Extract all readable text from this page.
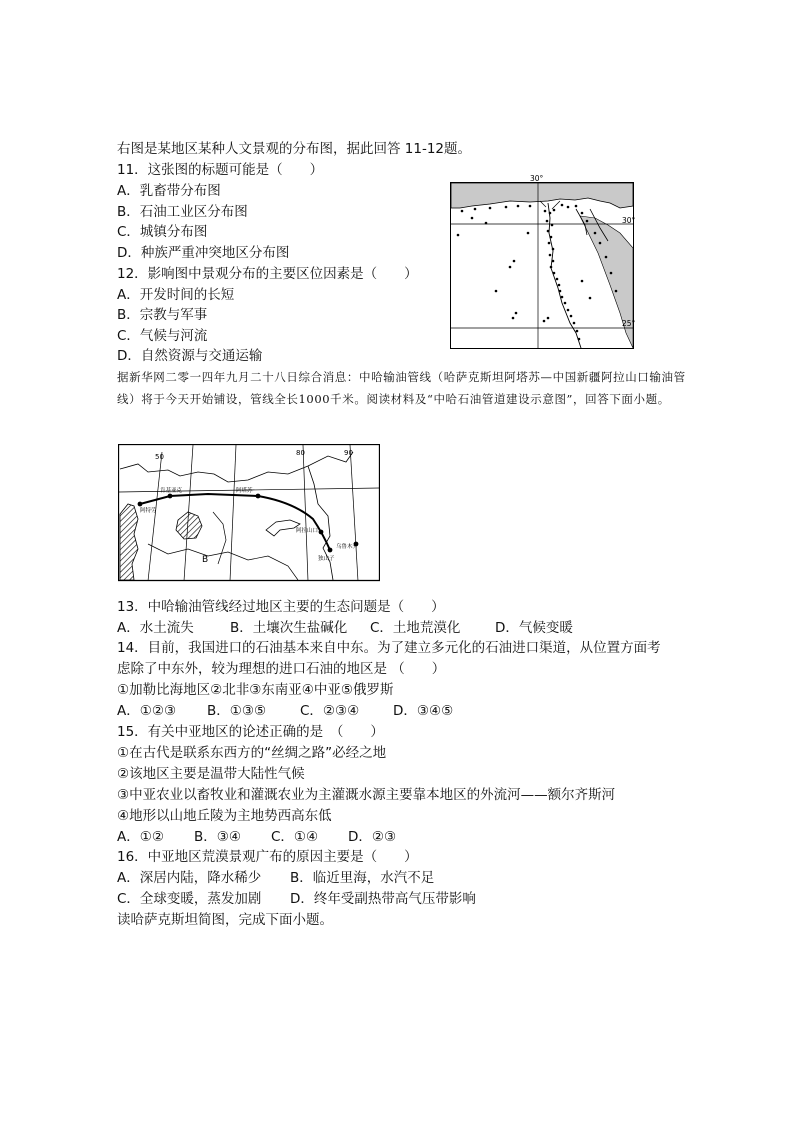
右图是某地区某种人文景观的分布图，据此回答 11-12题。
11．这张图的标题可能是（　　）
A．乳畜带分布图
B．石油工业区分布图
C．城镇分布图
D．种族严重冲突地区分布图
12．影响图中景观分布的主要区位因素是（　　）
A．开发时间的长短
B．宗教与军事
C．气候与河流
D．自然资源与交通运输
30°
30°
25°
据新华网二零一四年九月二十八日综合消息：中哈输油管线（哈萨克斯坦阿塔苏—中国新疆阿拉山口输油管线）将于今天开始铺设，管线全长1000千米。阅读材料及“中哈石油管道建设示意图”，回答下面小题。
50	80	90
肯基亚克
阿特劳
阿塔苏
阿拉山口
独山子
乌鲁木齐
B
13．中哈输油管线经过地区主要的生态问题是（　　）
A．水土流失	B．土壤次生盐碱化 C．土地荒漠化	D．气候变暖
14．目前，我国进口的石油基本来自中东。为了建立多元化的石油进口渠道，从位置方面考
虑除了中东外，较为理想的进口石油的地区是 （　　）
①加勒比海地区②北非③东南亚④中亚⑤俄罗斯
A．①②③ B．①③⑤	C．②③④	D．③④⑤
15．有关中亚地区的论述正确的是　（　　）
①在古代是联系东西方的“丝绸之路”必经之地
②该地区主要是温带大陆性气候
③中亚农业以畜牧业和灌溉农业为主灌溉水源主要靠本地区的外流河——额尔齐斯河
④地形以山地丘陵为主地势西高东低
A．①② B．③④ C．①④ D．②③
16．中亚地区荒漠景观广布的原因主要是（　　）
A．深居内陆，降水稀少 B．临近里海，水汽不足
C．全球变暖，蒸发加剧 D．终年受副热带高气压带影响
读哈萨克斯坦简图，完成下面小题。
